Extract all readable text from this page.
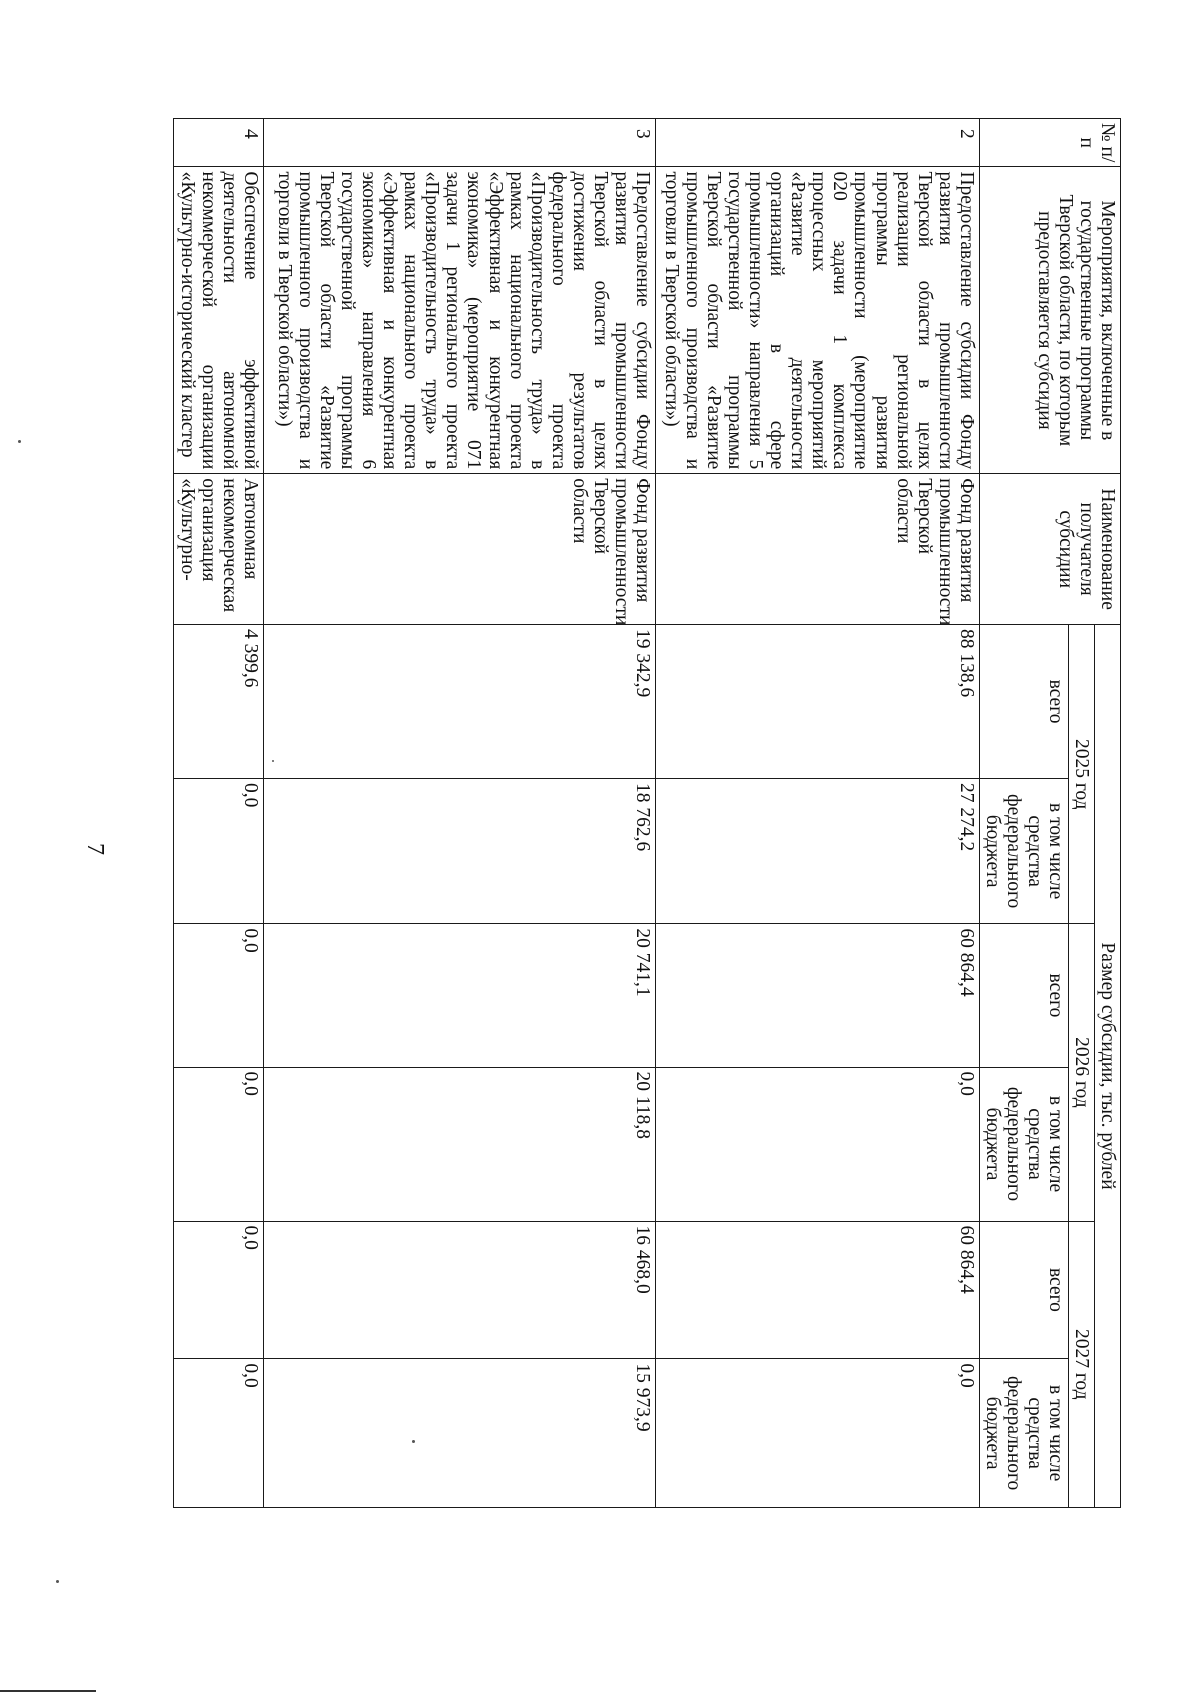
7
№ п/п	Мероприятия, включенные в государственные программы Тверской области, по которым предоставляется субсидия	Наименование получателя субсидии	Размер субсидии, тыс. рублей					
			2025 год		2026 год		2027 год	
			всего	в том числе средства федерального бюджета	всего	в том числе средства федерального бюджета	всего	в том числе средства федерального бюджета
2	Предоставление субсидии Фонду развития промышленности Тверской области в целях реализации региональной программы развития промышленности (мероприятие 020 задачи 1 комплекса процессных мероприятий «Развитие деятельности организаций в сфере промышленности» направления 5 государственной программы Тверской области «Развитие промышленного производства и торговли в Тверской области»)	Фонд развития промышленности Тверской области	88 138,6	27 274,2	60 864,4	0,0	60 864,4	0,0
3	Предоставление субсидии Фонду развития промышленности Тверской области в целях достижения результатов федерального проекта «Производительность труда» в рамках национального проекта «Эффективная и конкурентная экономика» (мероприятие 071 задачи 1 регионального проекта «Производительность труда» в рамках национального проекта «Эффективная и конкурентная экономика» направления 6 государственной программы Тверской области «Развитие промышленного производства и торговли в Тверской области»)	Фонд развития промышленности Тверской области	19 342,9	18 762,6	20 741,1	20 118,8	16 468,0	15 973,9
4	Обеспечение эффективной деятельности автономной некоммерческой организации «Культурно-исторический кластер	Автономная некоммерческая организация «Культурно-	4 399,6	0,0	0,0	0,0	0,0	0,0
